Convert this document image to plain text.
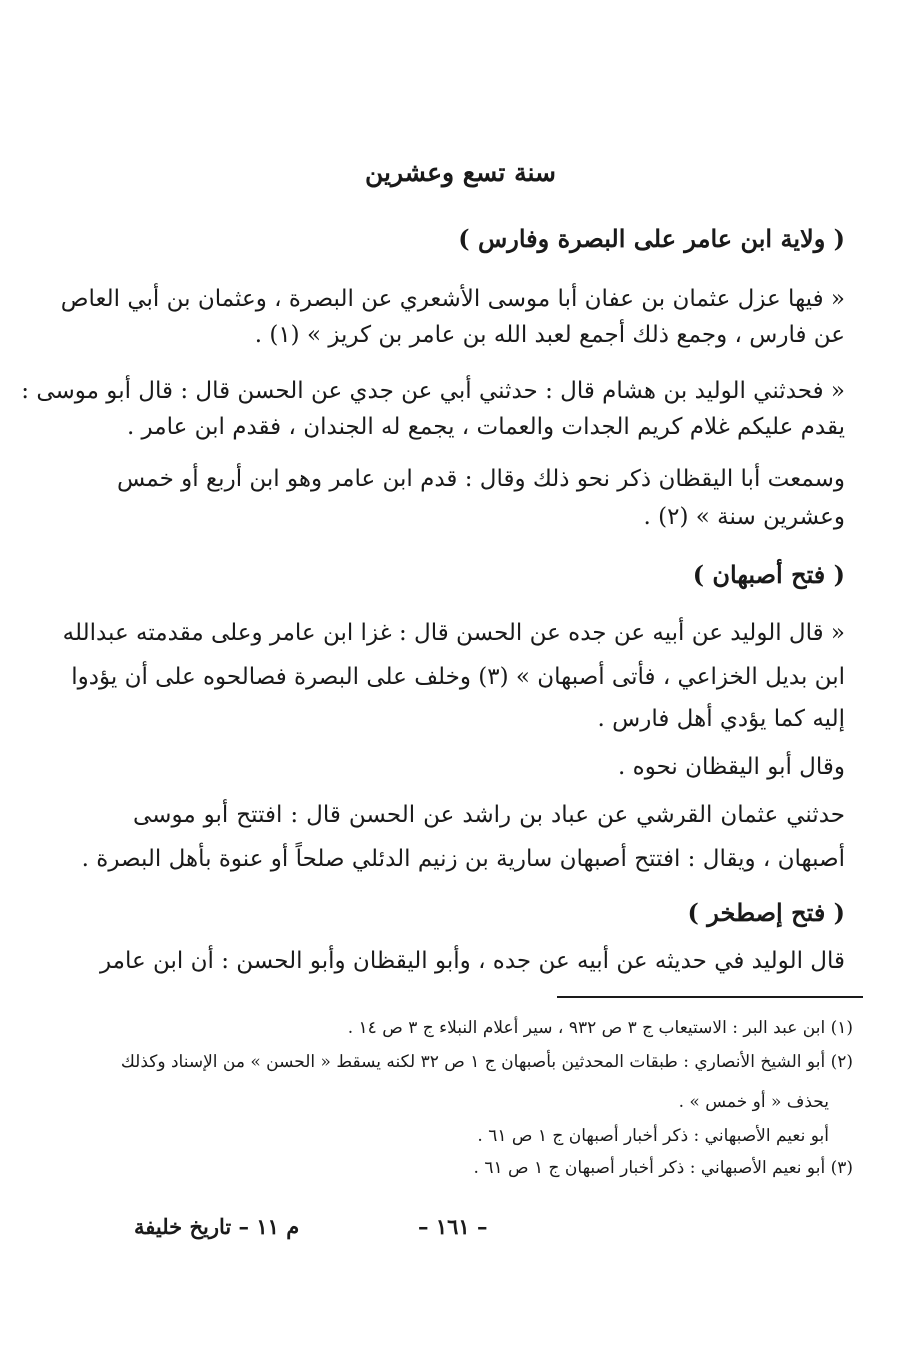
سنة تسع وعشرين
( ولاية ابن عامر على البصرة وفارس )
« فيها عزل عثمان بن عفان أبا موسى الأشعري عن البصرة ، وعثمان بن أبي العاص
عن فارس ، وجمع ذلك أجمع لعبد الله بن عامر بن كريز » (١) .
« فحدثني الوليد بن هشام قال : حدثني أبي عن جدي عن الحسن قال : قال أبو موسى :
يقدم عليكم غلام كريم الجدات والعمات ، يجمع له الجندان ، فقدم ابن عامر .
وسمعت أبا اليقظان ذكر نحو ذلك وقال : قدم ابن عامر وهو ابن أربع أو خمس
وعشرين سنة » (٢) .
( فتح أصبهان )
« قال الوليد عن أبيه عن جده عن الحسن قال : غزا ابن عامر وعلى مقدمته عبدالله
ابن بديل الخزاعي ، فأتى أصبهان » (٣) وخلف على البصرة فصالحوه على أن يؤدوا
إليه كما يؤدي أهل فارس .
وقال أبو اليقظان نحوه .
حدثني عثمان القرشي عن عباد بن راشد عن الحسن قال : افتتح أبو موسى
أصبهان ، ويقال : افتتح أصبهان سارية بن زنيم الدئلي صلحاً أو عنوة بأهل البصرة .
( فتح إصطخر )
قال الوليد في حديثه عن أبيه عن جده ، وأبو اليقظان وأبو الحسن : أن ابن عامر
(١) ابن عبد البر : الاستيعاب ج ٣ ص ٩٣٢ ، سير أعلام النبلاء ج ٣ ص ١٤ .
(٢) أبو الشيخ الأنصاري : طبقات المحدثين بأصبهان ج ١ ص ٣٢ لكنه يسقط « الحسن » من الإسناد وكذلك
يحذف « أو خمس » .
أبو نعيم الأصبهاني : ذكر أخبار أصبهان ج ١ ص ٦١ .
(٣) أبو نعيم الأصبهاني : ذكر أخبار أصبهان ج ١ ص ٦١ .
– ١٦١ –
م ١١ – تاريخ خليفة
